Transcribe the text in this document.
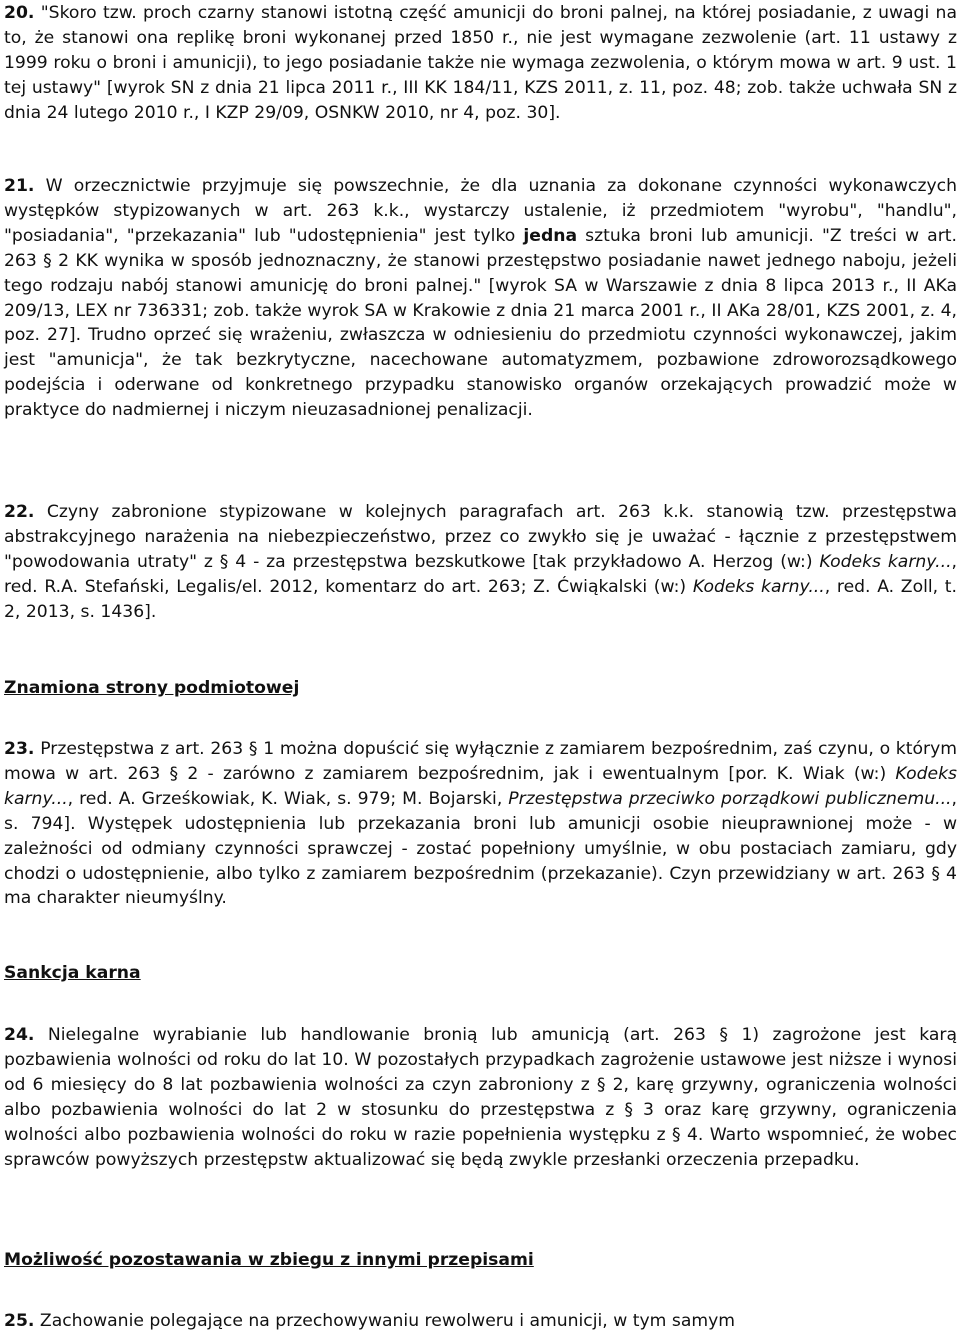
20. "Skoro tzw. proch czarny stanowi istotną część amunicji do broni palnej, na której posiadanie, z uwagi na to, że stanowi ona replikę broni wykonanej przed 1850 r., nie jest wymagane zezwolenie (art. 11 ustawy z 1999 roku o broni i amunicji), to jego posiadanie także nie wymaga zezwolenia, o którym mowa w art. 9 ust. 1 tej ustawy" [wyrok SN z dnia 21 lipca 2011 r., III KK 184/11, KZS 2011, z. 11, poz. 48; zob. także uchwała SN z dnia 24 lutego 2010 r., I KZP 29/09, OSNKW 2010, nr 4, poz. 30].

21. W orzecznictwie przyjmuje się powszechnie, że dla uznania za dokonane czynności wykonawczych występków stypizowanych w art. 263 k.k., wystarczy ustalenie, iż przedmiotem "wyrobu", "handlu", "posiadania", "przekazania" lub "udostępnienia" jest tylko jedna sztuka broni lub amunicji. "Z treści w art. 263 § 2 KK wynika w sposób jednoznaczny, że stanowi przestępstwo posiadanie nawet jednego naboju, jeżeli tego rodzaju nabój stanowi amunicję do broni palnej." [wyrok SA w Warszawie z dnia 8 lipca 2013 r., II AKa 209/13, LEX nr 736331; zob. także wyrok SA w Krakowie z dnia 21 marca 2001 r., II AKa 28/01, KZS 2001, z. 4, poz. 27]. Trudno oprzeć się wrażeniu, zwłaszcza w odniesieniu do przedmiotu czynności wykonawczej, jakim jest "amunicja", że tak bezkrytyczne, nacechowane automatyzmem, pozbawione zdroworozsądkowego podejścia i oderwane od konkretnego przypadku stanowisko organów orzekających prowadzić może w praktyce do nadmiernej i niczym nieuzasadnionej penalizacji.

22. Czyny zabronione stypizowane w kolejnych paragrafach art. 263 k.k. stanowią tzw. przestępstwa abstrakcyjnego narażenia na niebezpieczeństwo, przez co zwykło się je uważać - łącznie z przestępstwem "powodowania utraty" z § 4 - za przestępstwa bezskutkowe [tak przykładowo A. Herzog (w:) Kodeks karny..., red. R.A. Stefański, Legalis/el. 2012, komentarz do art. 263; Z. Ćwiąkalski (w:) Kodeks karny..., red. A. Zoll, t. 2, 2013, s. 1436].

Znamiona strony podmiotowej

23. Przestępstwa z art. 263 § 1 można dopuścić się wyłącznie z zamiarem bezpośrednim, zaś czynu, o którym mowa w art. 263 § 2 - zarówno z zamiarem bezpośrednim, jak i ewentualnym [por. K. Wiak (w:) Kodeks karny..., red. A. Grześkowiak, K. Wiak, s. 979; M. Bojarski, Przestępstwa przeciwko porządkowi publicznemu..., s. 794]. Występek udostępnienia lub przekazania broni lub amunicji osobie nieuprawnionej może - w zależności od odmiany czynności sprawczej - zostać popełniony umyślnie, w obu postaciach zamiaru, gdy chodzi o udostępnienie, albo tylko z zamiarem bezpośrednim (przekazanie). Czyn przewidziany w art. 263 § 4 ma charakter nieumyślny.

Sankcja karna

24. Nielegalne wyrabianie lub handlowanie bronią lub amunicją (art. 263 § 1) zagrożone jest karą pozbawienia wolności od roku do lat 10. W pozostałych przypadkach zagrożenie ustawowe jest niższe i wynosi od 6 miesięcy do 8 lat pozbawienia wolności za czyn zabroniony z § 2, karę grzywny, ograniczenia wolności albo pozbawienia wolności do lat 2 w stosunku do przestępstwa z § 3 oraz karę grzywny, ograniczenia wolności albo pozbawienia wolności do roku w razie popełnienia występku z § 4. Warto wspomnieć, że wobec sprawców powyższych przestępstw aktualizować się będą zwykle przesłanki orzeczenia przepadku.

Możliwość pozostawania w zbiegu z innymi przepisami

25. Zachowanie polegające na przechowywaniu rewolweru i amunicji, w tym samym
